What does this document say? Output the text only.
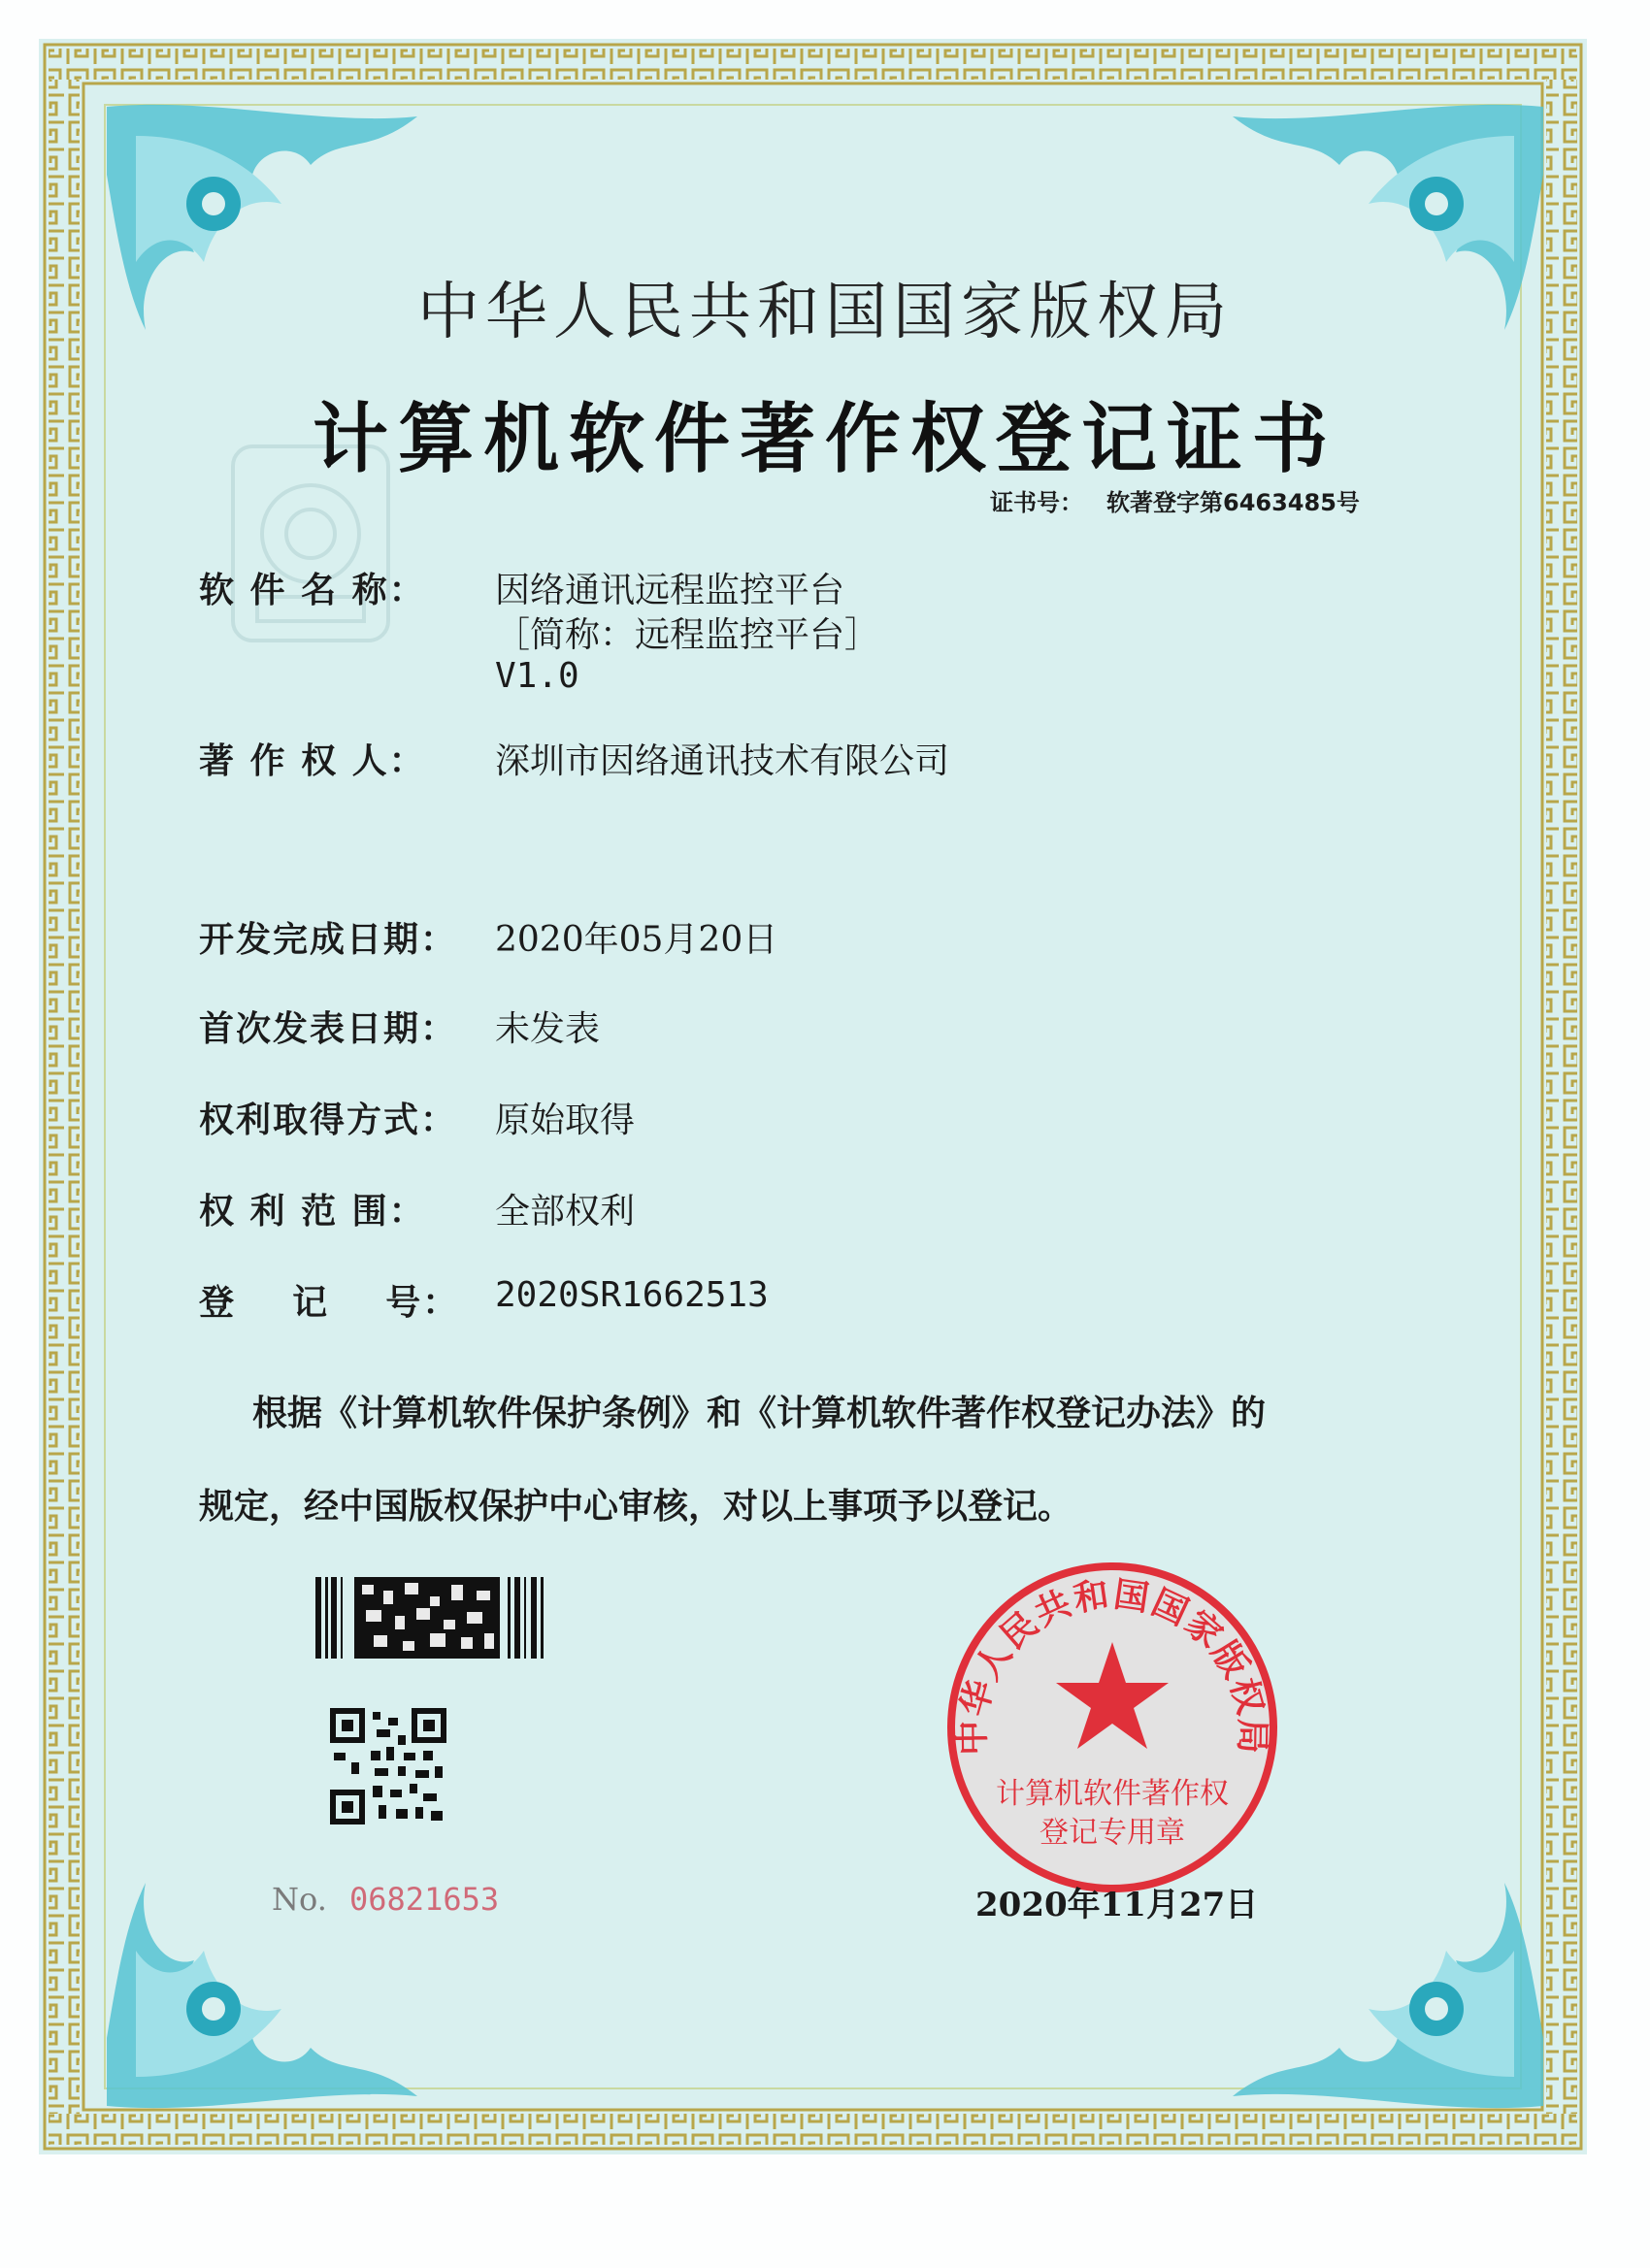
中华人民共和国国家版权局
计算机软件著作权登记证书
证书号： 软著登字第6463485号
软 件 名 称： 因络通讯远程监控平台
［简称：远程监控平台］
V1.0
著 作 权 人： 深圳市因络通讯技术有限公司
开发完成日期： 2020年05月20日
首次发表日期： 未发表
权利取得方式： 原始取得
权 利 范 围： 全部权利
登    记    号： 2020SR1662513
根据《计算机软件保护条例》和《计算机软件著作权登记办法》的
规定，经中国版权保护中心审核，对以上事项予以登记。
No. 06821653
中华人民共和国国家版权局
计算机软件著作权
登记专用章
2020年11月27日
